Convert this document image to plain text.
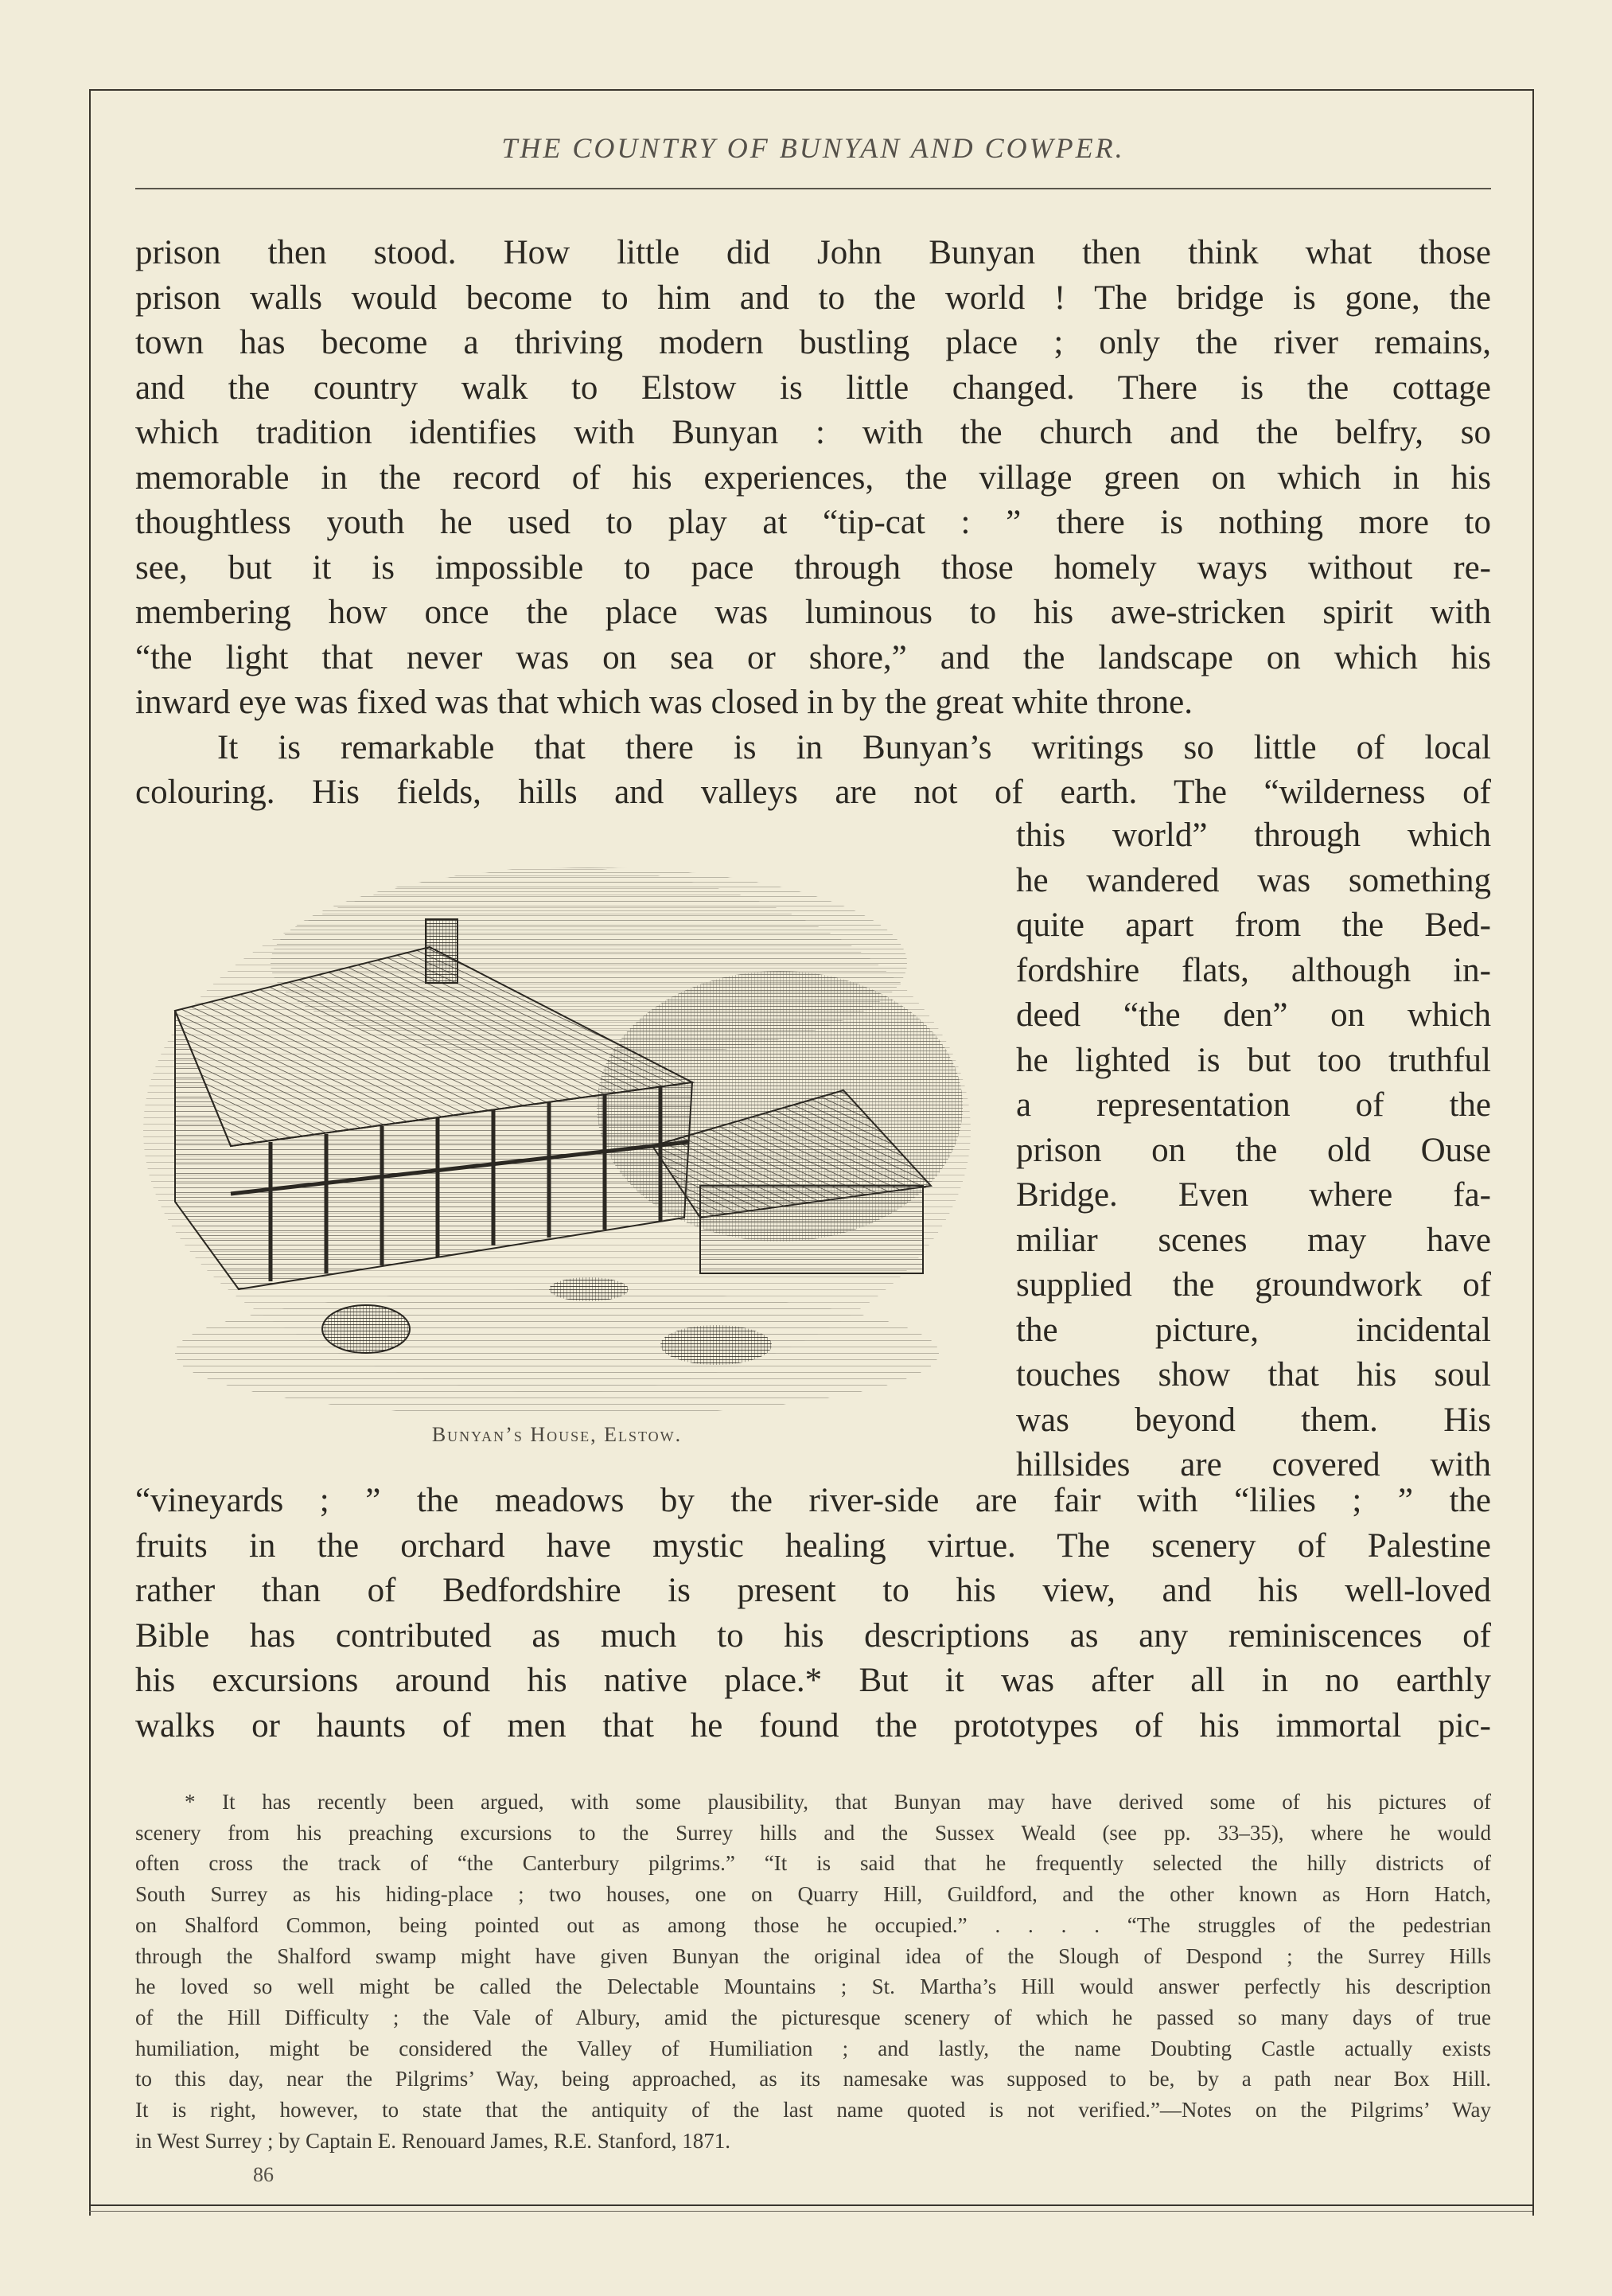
THE COUNTRY OF BUNYAN AND COWPER.
prison then stood. How little did John Bunyan then think what those
prison walls would become to him and to the world ! The bridge is gone, the
town has become a thriving modern bustling place ; only the river remains,
and the country walk to Elstow is little changed. There is the cottage
which tradition identifies with Bunyan : with the church and the belfry, so
memorable in the record of his experiences, the village green on which in his
thoughtless youth he used to play at “tip-cat : ” there is nothing more to
see, but it is impossible to pace through those homely ways without re-
membering how once the place was luminous to his awe-stricken spirit with
“the light that never was on sea or shore,” and the landscape on which his
inward eye was fixed was that which was closed in by the great white throne.
It is remarkable that there is in Bunyan’s writings so little of local
colouring. His fields, hills and valleys are not of earth. The “wilderness of
Bunyan’s House, Elstow.
this world” through which
he wandered was something
quite apart from the Bed-
fordshire flats, although in-
deed “the den” on which
he lighted is but too truthful
a representation of the
prison on the old Ouse
Bridge. Even where fa-
miliar scenes may have
supplied the groundwork of
the picture, incidental
touches show that his soul
was beyond them. His
hillsides are covered with
“vineyards ; ” the meadows by the river-side are fair with “lilies ; ” the
fruits in the orchard have mystic healing virtue. The scenery of Palestine
rather than of Bedfordshire is present to his view, and his well-loved
Bible has contributed as much to his descriptions as any reminiscences of
his excursions around his native place.* But it was after all in no earthly
walks or haunts of men that he found the prototypes of his immortal pic-
* It has recently been argued, with some plausibility, that Bunyan may have derived some of his pictures of
scenery from his preaching excursions to the Surrey hills and the Sussex Weald (see pp. 33–35), where he would
often cross the track of “the Canterbury pilgrims.” “It is said that he frequently selected the hilly districts of
South Surrey as his hiding-place ; two houses, one on Quarry Hill, Guildford, and the other known as Horn Hatch,
on Shalford Common, being pointed out as among those he occupied.” . . . . “The struggles of the pedestrian
through the Shalford swamp might have given Bunyan the original idea of the Slough of Despond ; the Surrey Hills
he loved so well might be called the Delectable Mountains ; St. Martha’s Hill would answer perfectly his description
of the Hill Difficulty ; the Vale of Albury, amid the picturesque scenery of which he passed so many days of true
humiliation, might be considered the Valley of Humiliation ; and lastly, the name Doubting Castle actually exists
to this day, near the Pilgrims’ Way, being approached, as its namesake was supposed to be, by a path near Box Hill.
It is right, however, to state that the antiquity of the last name quoted is not verified.”—Notes on the Pilgrims’ Way
in West Surrey ; by Captain E. Renouard James, R.E. Stanford, 1871.
86
